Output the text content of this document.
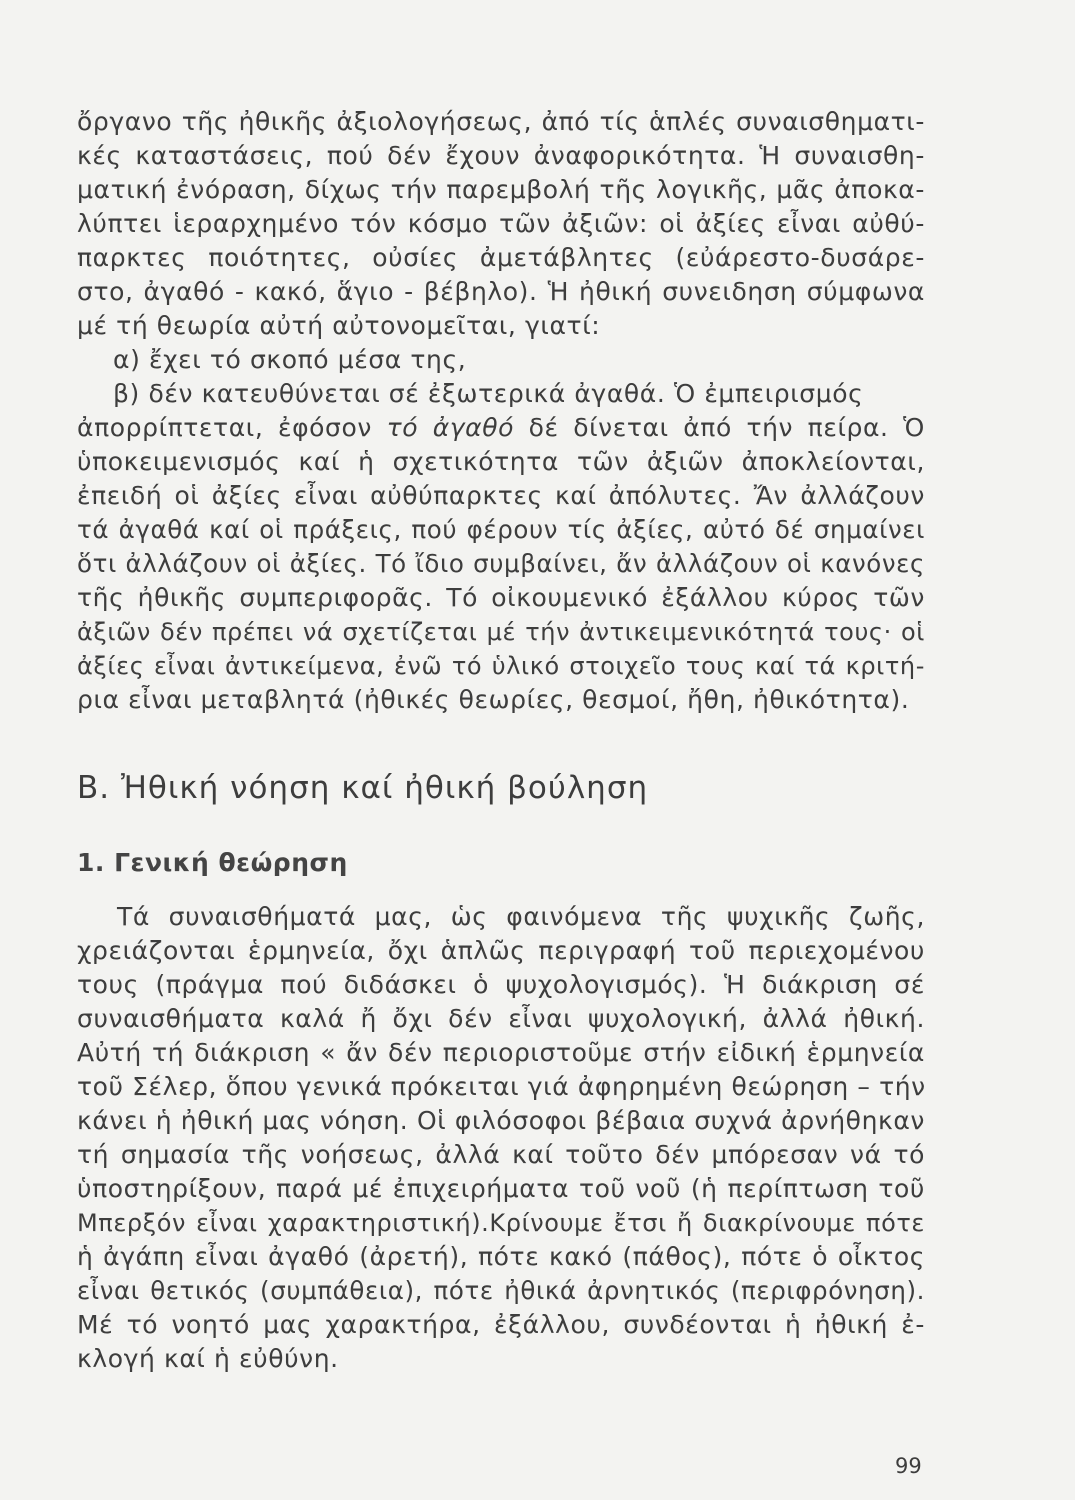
ὄργανο τῆς ἠθικῆς ἀξιολογήσεως, ἀπό τίς ἁπλές συναισθηματι-
κές καταστάσεις, πού δέν ἔχουν ἀναφορικότητα. Ἡ συναισθη-
ματική ἐνόραση, δίχως τήν παρεμβολή τῆς λογικῆς, μᾶς ἀποκα-
λύπτει ἱεραρχημένο τόν κόσμο τῶν ἀξιῶν: οἱ ἀξίες εἶναι αὐθύ-
παρκτες ποιότητες, οὐσίες ἀμετάβλητες (εὐάρεστο-δυσάρε-
στο, ἀγαθό - κακό, ἅγιο - βέβηλο). Ἡ ἠθική συνειδηση σύμφωνα
μέ τή θεωρία αὐτή αὐτονομεῖται, γιατί:
α) ἔχει τό σκοπό μέσα της,
β) δέν κατευθύνεται σέ ἐξωτερικά ἀγαθά. Ὁ ἐμπειρισμός
ἀπορρίπτεται, ἐφόσον τό ἀγαθό δέ δίνεται ἀπό τήν πείρα. Ὁ
ὑποκειμενισμός καί ἡ σχετικότητα τῶν ἀξιῶν ἀποκλείονται,
ἐπειδή οἱ ἀξίες εἶναι αὐθύπαρκτες καί ἀπόλυτες. Ἄν ἀλλάζουν
τά ἀγαθά καί οἱ πράξεις, πού φέρουν τίς ἀξίες, αὐτό δέ σημαίνει
ὅτι ἀλλάζουν οἱ ἀξίες. Τό ἴδιο συμβαίνει, ἄν ἀλλάζουν οἱ κανόνες
τῆς ἠθικῆς συμπεριφορᾶς. Τό οἰκουμενικό ἐξάλλου κύρος τῶν
ἀξιῶν δέν πρέπει νά σχετίζεται μέ τήν ἀντικειμενικότητά τους· οἱ
ἀξίες εἶναι ἀντικείμενα, ἐνῶ τό ὑλικό στοιχεῖο τους καί τά κριτή-
ρια εἶναι μεταβλητά (ἠθικές θεωρίες, θεσμοί, ἤθη, ἠθικότητα).
Β. Ἠθική νόηση καί ἠθική βούληση
1. Γενική θεώρηση
Τά συναισθήματά μας, ὡς φαινόμενα τῆς ψυχικῆς ζωῆς,
χρειάζονται ἑρμηνεία, ὄχι ἁπλῶς περιγραφή τοῦ περιεχομένου
τους (πράγμα πού διδάσκει ὁ ψυχολογισμός). Ἡ διάκριση σέ
συναισθήματα καλά ἤ ὄχι δέν εἶναι ψυχολογική, ἀλλά ἠθική.
Αὐτή τή διάκριση « ἄν δέν περιοριστοῦμε στήν εἰδική ἑρμηνεία
τοῦ Σέλερ, ὅπου γενικά πρόκειται γιά ἀφηρημένη θεώρηση – τήν
κάνει ἡ ἠθική μας νόηση. Οἱ φιλόσοφοι βέβαια συχνά ἀρνήθηκαν
τή σημασία τῆς νοήσεως, ἀλλά καί τοῦτο δέν μπόρεσαν νά τό
ὑποστηρίξουν, παρά μέ ἐπιχειρήματα τοῦ νοῦ (ἡ περίπτωση τοῦ
Μπερξόν εἶναι χαρακτηριστική).Κρίνουμε ἔτσι ἤ διακρίνουμε πότε
ἡ ἀγάπη εἶναι ἀγαθό (ἀρετή), πότε κακό (πάθος), πότε ὁ οἶκτος
εἶναι θετικός (συμπάθεια), πότε ἠθικά ἀρνητικός (περιφρόνηση).
Μέ τό νοητό μας χαρακτήρα, ἐξάλλου, συνδέονται ἡ ἠθική ἐ-
κλογή καί ἡ εὐθύνη.
99
